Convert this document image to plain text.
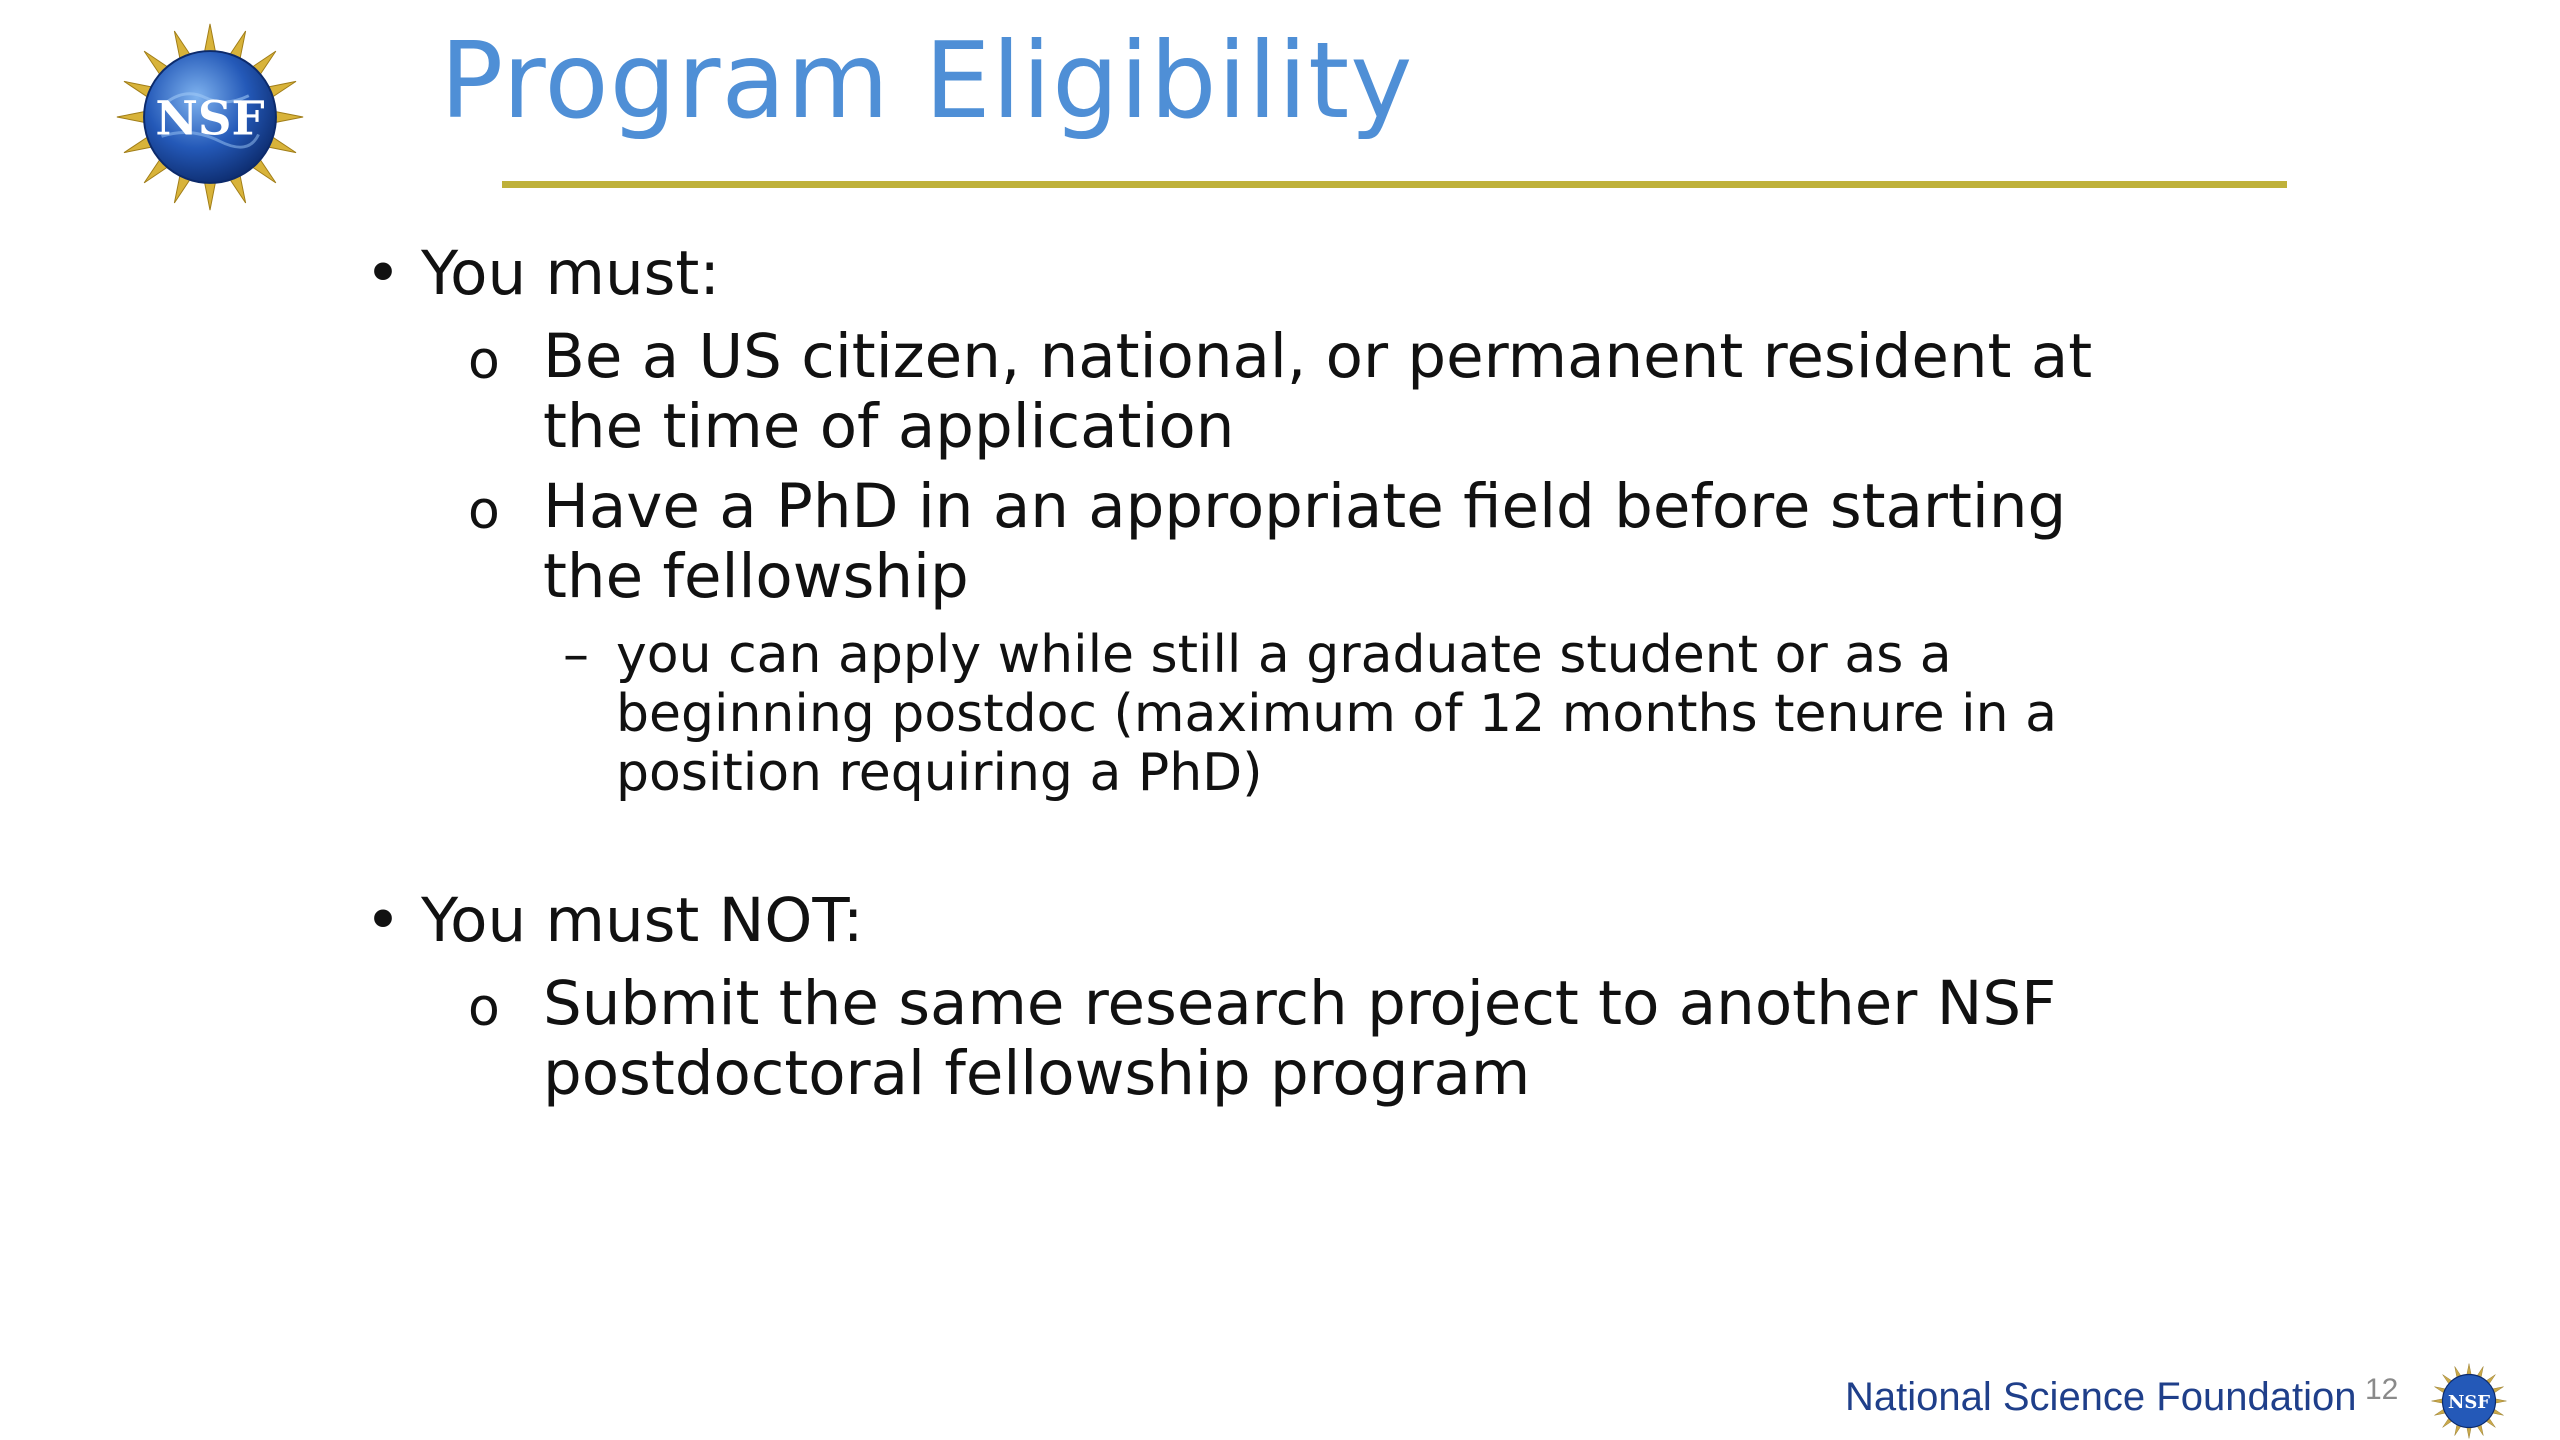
NSF Program Eligibility
• You must:
o Be a US citizen, national, or permanent resident at the time of application
o Have a PhD in an appropriate field before starting the fellowship
– you can apply while still a graduate student or as a beginning postdoc (maximum of 12 months tenure in a position requiring a PhD)
• You must NOT:
o Submit the same research project to another NSF postdoctoral fellowship program
National Science Foundation 12 NSF
